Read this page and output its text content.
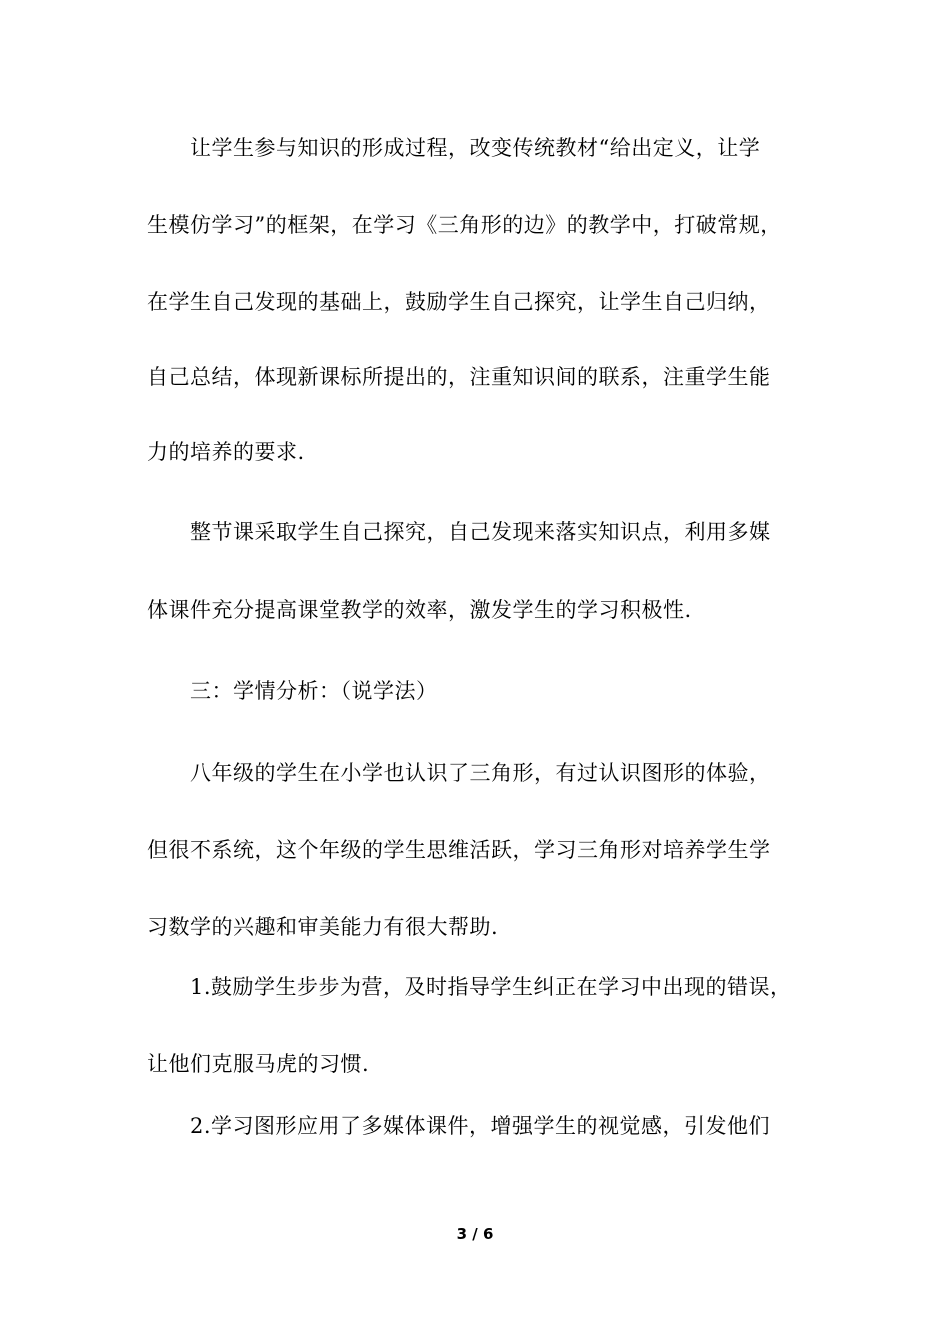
让学生参与知识的形成过程，改变传统教材“给出定义，让学
生模仿学习”的框架，在学习《三角形的边》的教学中，打破常规，
在学生自己发现的基础上，鼓励学生自己探究，让学生自己归纳，
自己总结，体现新课标所提出的，注重知识间的联系，注重学生能
力的培养的要求.
整节课采取学生自己探究，自己发现来落实知识点，利用多媒
体课件充分提高课堂教学的效率，激发学生的学习积极性.
三：学情分析：（说学法）
八年级的学生在小学也认识了三角形，有过认识图形的体验，
但很不系统，这个年级的学生思维活跃，学习三角形对培养学生学
习数学的兴趣和审美能力有很大帮助.
1.鼓励学生步步为营，及时指导学生纠正在学习中出现的错误，
让他们克服马虎的习惯.
2.学习图形应用了多媒体课件，增强学生的视觉感，引发他们
3 / 6
